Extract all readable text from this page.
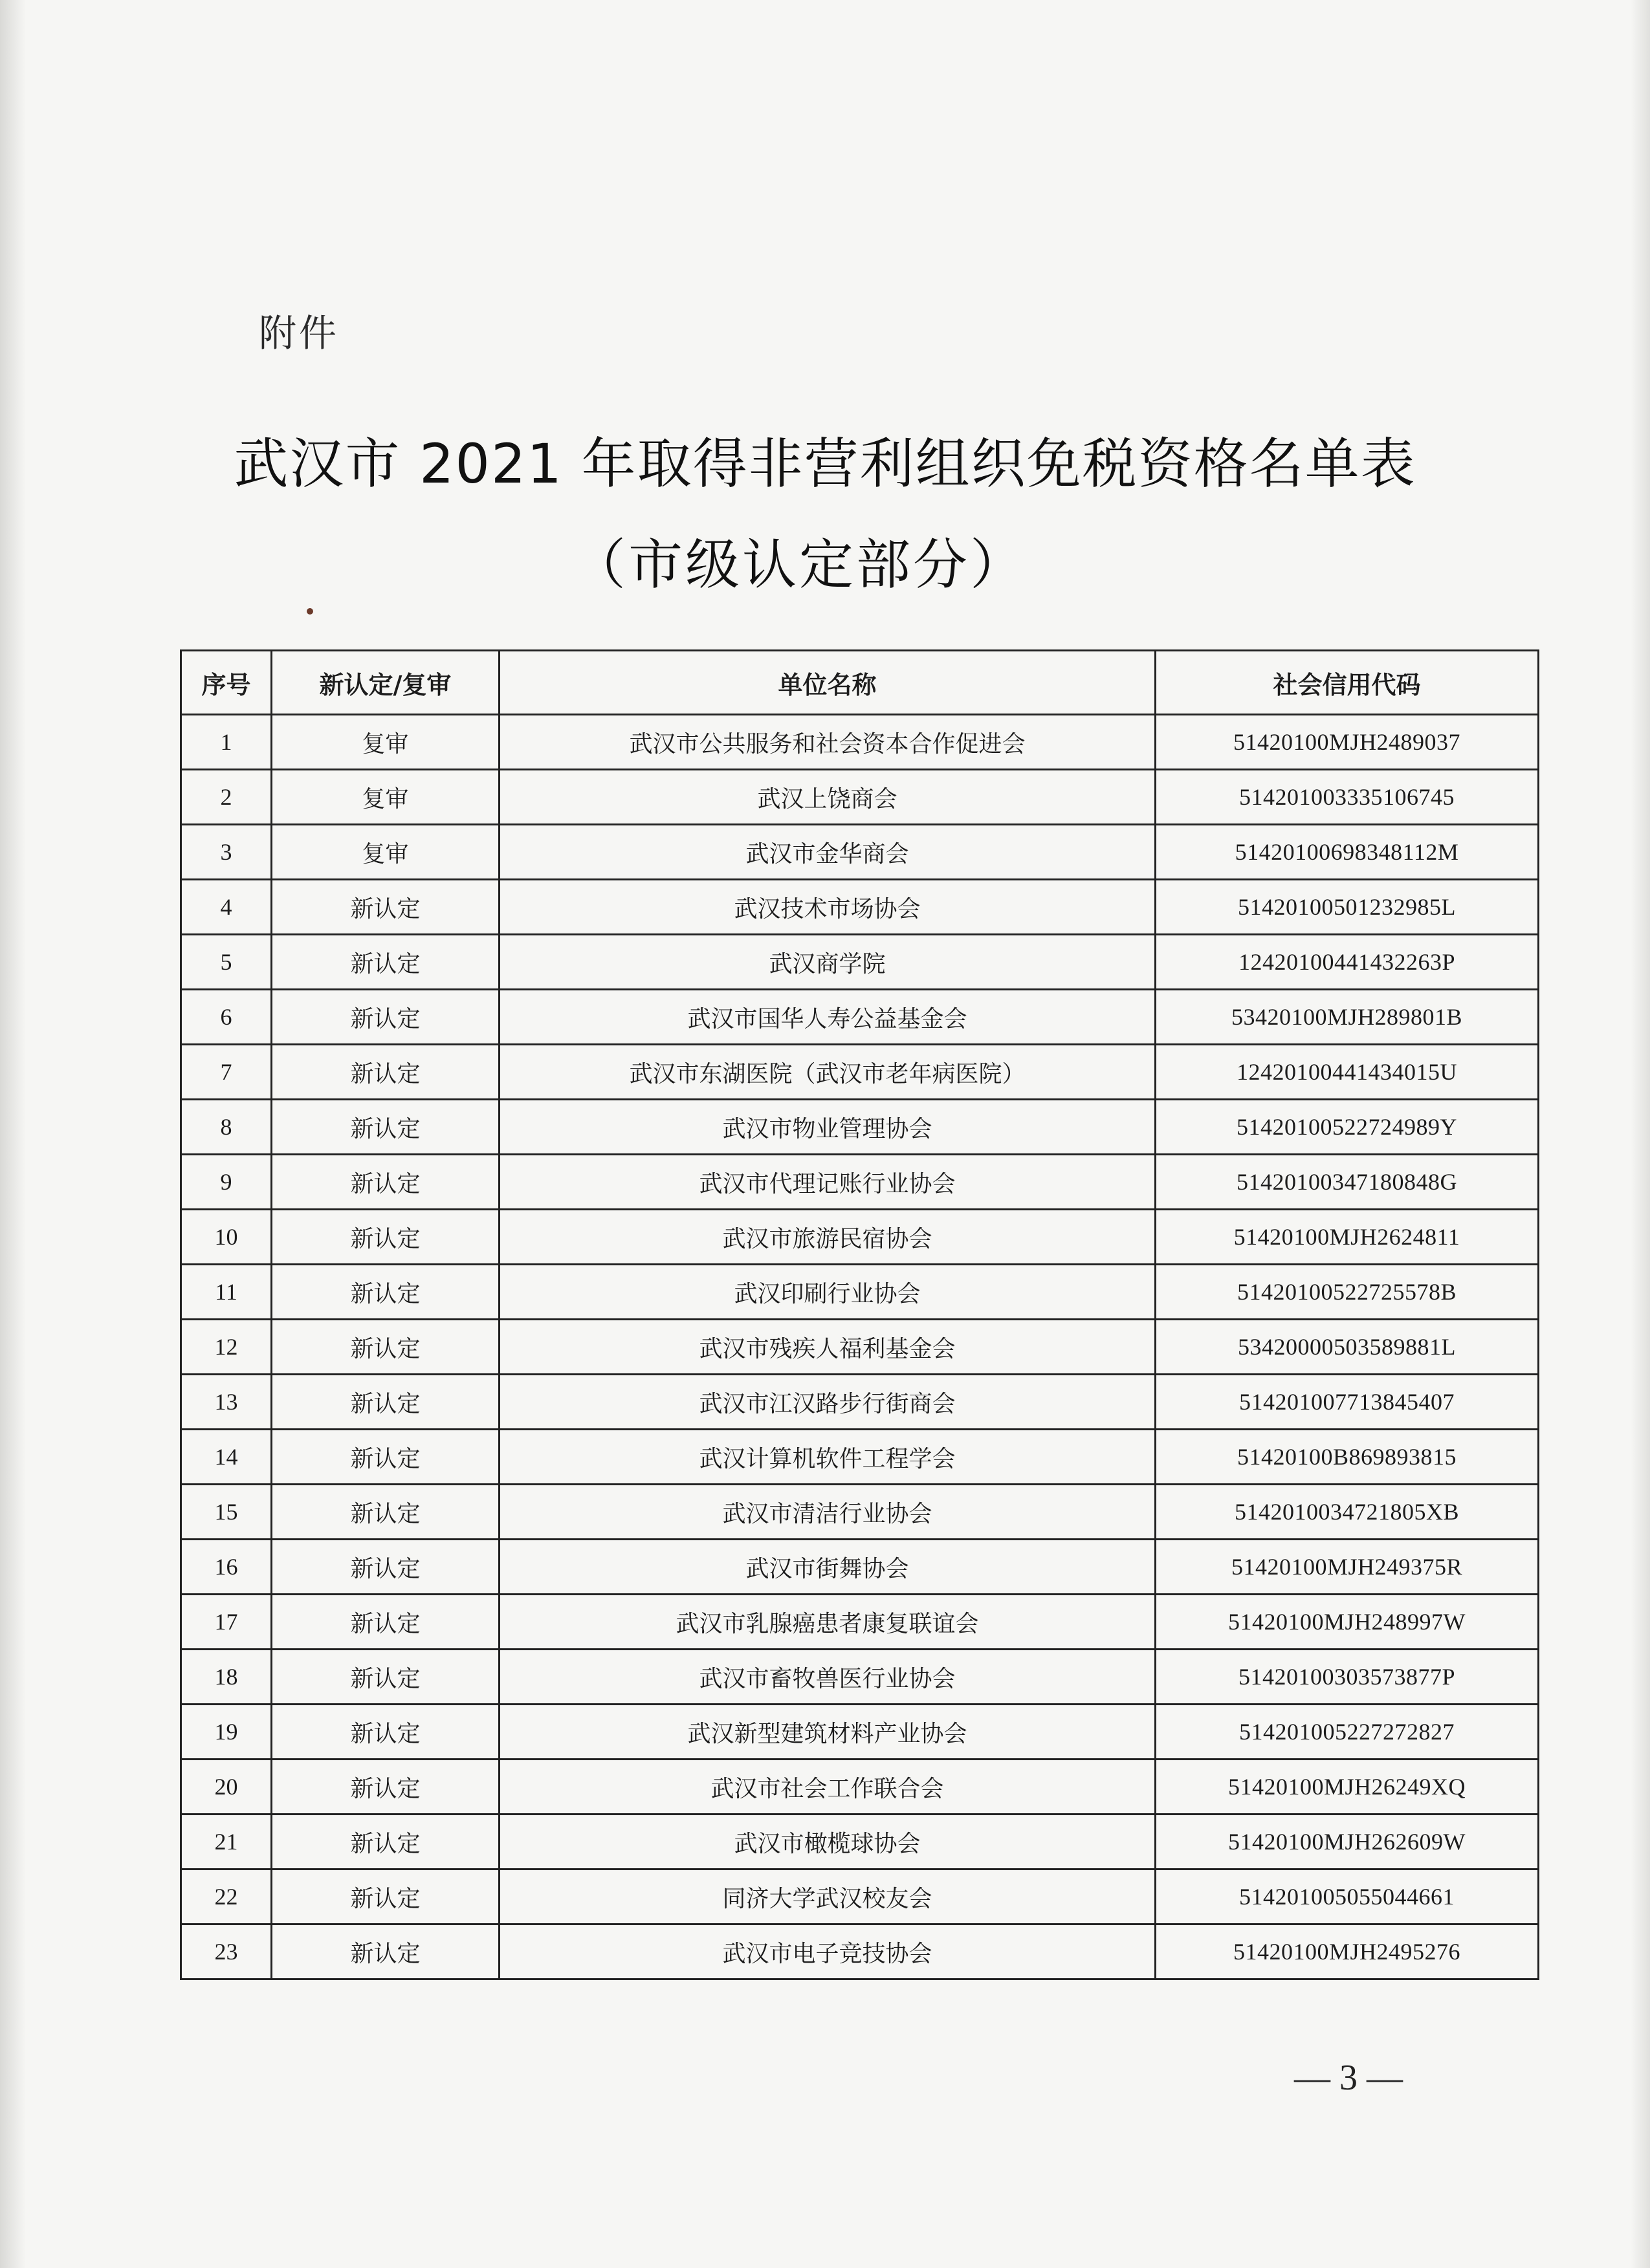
附件
武汉市 2021 年取得非营利组织免税资格名单表
（市级认定部分）
序号	新认定/复审	单位名称	社会信用代码
1	复审	武汉市公共服务和社会资本合作促进会	51420100MJH2489037
2	复审	武汉上饶商会	514201003335106745
3	复审	武汉市金华商会	51420100698348112M
4	新认定	武汉技术市场协会	51420100501232985L
5	新认定	武汉商学院	12420100441432263P
6	新认定	武汉市国华人寿公益基金会	53420100MJH289801B
7	新认定	武汉市东湖医院（武汉市老年病医院）	12420100441434015U
8	新认定	武汉市物业管理协会	51420100522724989Y
9	新认定	武汉市代理记账行业协会	51420100347180848G
10	新认定	武汉市旅游民宿协会	51420100MJH2624811
11	新认定	武汉印刷行业协会	51420100522725578B
12	新认定	武汉市残疾人福利基金会	53420000503589881L
13	新认定	武汉市江汉路步行街商会	514201007713845407
14	新认定	武汉计算机软件工程学会	51420100B869893815
15	新认定	武汉市清洁行业协会	5142010034721805XB
16	新认定	武汉市街舞协会	51420100MJH249375R
17	新认定	武汉市乳腺癌患者康复联谊会	51420100MJH248997W
18	新认定	武汉市畜牧兽医行业协会	51420100303573877P
19	新认定	武汉新型建筑材料产业协会	514201005227272827
20	新认定	武汉市社会工作联合会	51420100MJH26249XQ
21	新认定	武汉市橄榄球协会	51420100MJH262609W
22	新认定	同济大学武汉校友会	514201005055044661
23	新认定	武汉市电子竞技协会	51420100MJH2495276
— 3 —
